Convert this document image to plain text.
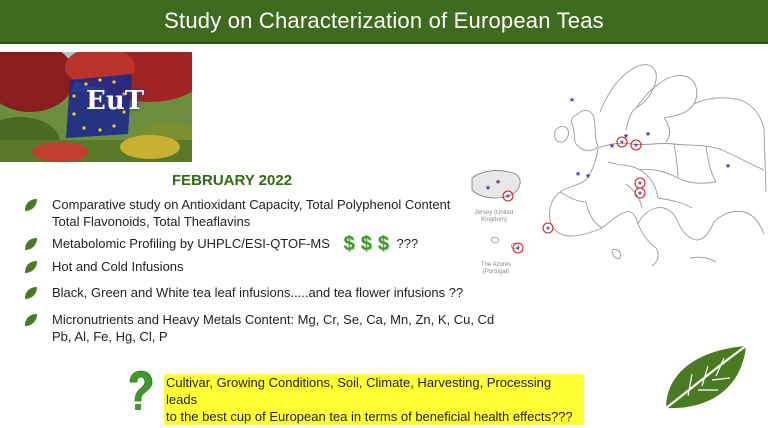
Study on Characterization of European Teas
EuT
FEBRUARY 2022
Comparative study on Antioxidant Capacity, Total Polyphenol Content
Total Flavonoids, Total Theaflavins
Metabolomic Profiling by UHPLC/ESI-QTOF-MS $ $ $ ???
Hot and Cold Infusions
Black, Green and White tea leaf infusions.....and tea flower infusions ??
Micronutrients and Heavy Metals Content: Mg, Cr, Se, Ca, Mn, Zn, K, Cu, Cd
Pb, Al, Fe, Hg, Cl, P
★
★ ★
★
★ ★
★
★
★
★ ★
★
★
★
★
★
Jersey (United Kingdom)
The Azores (Portugal)
Cultivar, Growing Conditions, Soil, Climate, Harvesting, Processing leads
to the best cup of European tea in terms of beneficial health effects???
